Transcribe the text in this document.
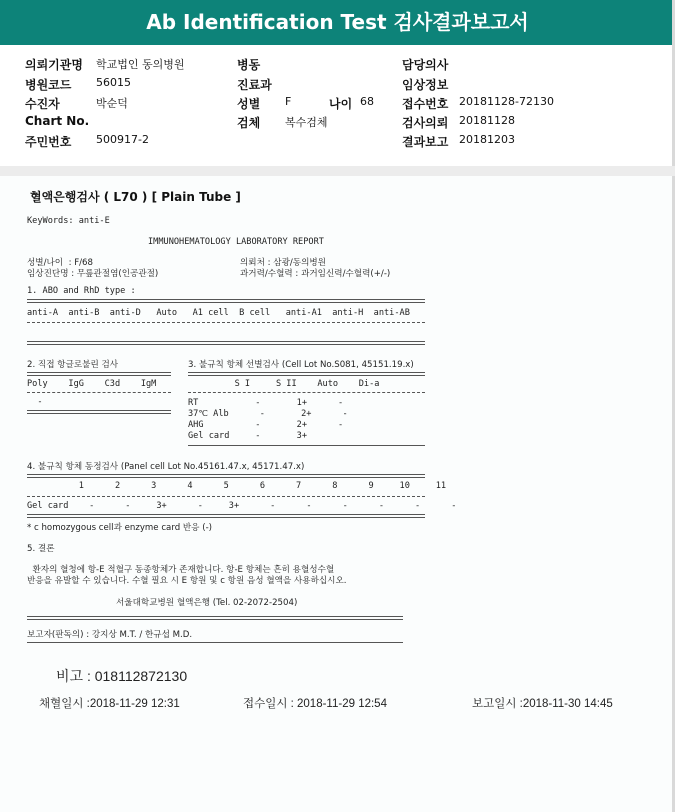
Ab Identification Test 검사결과보고서
의뢰기관명 학교법인 동의병원	병동	담당의사
병원코드 56015	진료과	임상정보
수진자	박순덕	성별 F	나이 68 접수번호 20181128-72130
Chart No.	검체 복수검체	검사의뢰 20181128
주민번호 500917-2	결과보고 20181203
혈액은행검사 ( L70 ) [ Plain Tube ]
KeyWords: anti-E
IMMUNOHEMATOLOGY LABORATORY REPORT
성별/나이  : F/68
임상진단명 : 무릎관절염(인공관절)
의뢰처 : 삼광/동의병원
과거력/수혈력 : 과거임신력/수혈력(+/-)
1. ABO and RhD type :
anti-A  anti-B  anti-D   Auto   A1 cell  B cell   anti-A1  anti-H  anti-AB
2. 직접 항글로불린 검사	3. 불규칙 항체 선별검사 (Cell Lot No.S081, 45151.19.x)
Poly    IgG    C3d    IgM	S I     S II    Auto    Di-a
-	RT           -       1+      -
37℃ Alb      -       2+      -
AHG          -       2+      -
Gel card     -       3+
4. 불규칙 항체 동정검사 (Panel cell Lot No.45161.47.x, 45171.47.x)
1      2      3      4      5      6      7      8      9     10     11
Gel card    -      -     3+      -     3+      -      -      -      -      -      -
* c homozygous cell과 enzyme card 반응 (-)
5. 결론
환자의 혈청에 항-E 적혈구 동종항체가 존재합니다. 항-E 항체는 흔히 용혈성수혈
반응을 유발할 수 있습니다. 수혈 필요 시 E 항원 및 c 항원 음성 혈액을 사용하십시오.
서울대학교병원 혈액은행 (Tel. 02-2072-2504)
보고자(판독의) : 강지상 M.T. / 한규섭 M.D.
비고 : 018112872130
채혈일시 :2018-11-29 12:31	접수일시 : 2018-11-29 12:54	보고일시 :2018-11-30 14:45
